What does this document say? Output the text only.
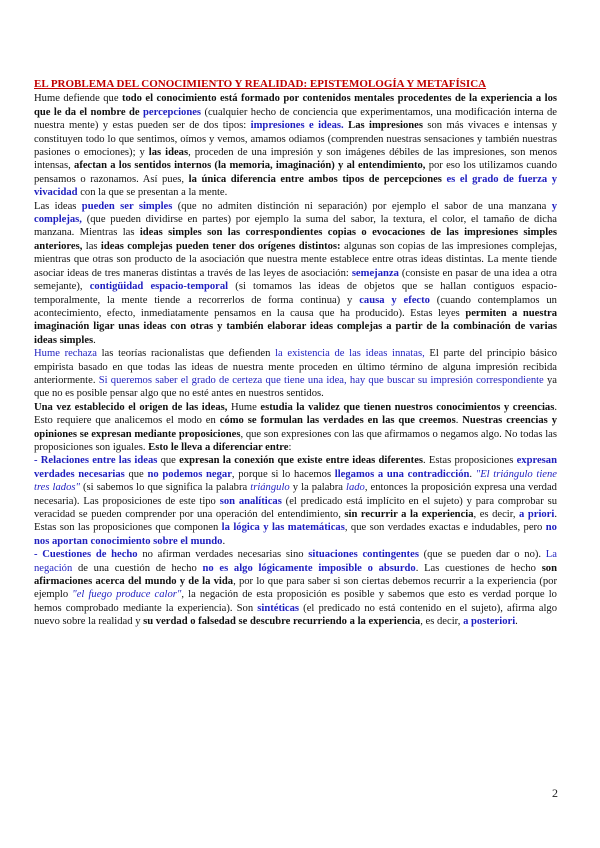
EL PROBLEMA DEL CONOCIMIENTO Y REALIDAD: EPISTEMOLOGÍA Y METAFÍSICA

Hume defiende que todo el conocimiento está formado por contenidos mentales procedentes de la experiencia a los que le da el nombre de percepciones (cualquier hecho de conciencia que experimentamos, una modificación interna de nuestra mente) y estas pueden ser de dos tipos: impresiones e ideas. Las impresiones son más vivaces e intensas y constituyen todo lo que sentimos, oímos y vemos, amamos odiamos (comprenden nuestras sensaciones y también nuestras pasiones o emociones); y las ideas, proceden de una impresión y son imágenes débiles de las impresiones, son menos intensas, afectan a los sentidos internos (la memoria, imaginación) y al entendimiento, por eso los utilizamos cuando pensamos o razonamos. Así pues, la única diferencia entre ambos tipos de percepciones es el grado de fuerza y vivacidad con la que se presentan a la mente.

Las ideas pueden ser simples (que no admiten distinción ni separación) por ejemplo el sabor de una manzana y complejas, (que pueden dividirse en partes) por ejemplo la suma del sabor, la textura, el color, el tamaño de dicha manzana. Mientras las ideas simples son las correspondientes copias o evocaciones de las impresiones simples anteriores, las ideas complejas pueden tener dos orígenes distintos: algunas son copias de las impresiones complejas, mientras que otras son producto de la asociación que nuestra mente establece entre otras ideas distintas. La mente tiende asociar ideas de tres maneras distintas a través de las leyes de asociación: semejanza (consiste en pasar de una idea a otra semejante), contigüidad espacio-temporal (si tomamos las ideas de objetos que se hallan contiguos espacio-temporalmente, la mente tiende a recorrerlos de forma continua) y causa y efecto (cuando contemplamos un acontecimiento, efecto, inmediatamente pensamos en la causa que ha producido). Estas leyes permiten a nuestra imaginación ligar unas ideas con otras y también elaborar ideas complejas a partir de la combinación de varias ideas simples.

Hume rechaza las teorías racionalistas que defienden la existencia de las ideas innatas, El parte del principio básico empirista basado en que todas las ideas de nuestra mente proceden en último término de alguna impresión recibida anteriormente. Si queremos saber el grado de certeza que tiene una idea, hay que buscar su impresión correspondiente ya que no es posible pensar algo que no esté antes en nuestros sentidos.

Una vez establecido el origen de las ideas, Hume estudia la validez que tienen nuestros conocimientos y creencias. Esto requiere que analicemos el modo en cómo se formulan las verdades en las que creemos. Nuestras creencias y opiniones se expresan mediante proposiciones, que son expresiones con las que afirmamos o negamos algo. No todas las proposiciones son iguales. Esto le lleva a diferenciar entre:

- Relaciones entre las ideas que expresan la conexión que existe entre ideas diferentes. Estas proposiciones expresan verdades necesarias que no podemos negar, porque si lo hacemos llegamos a una contradicción. "El triángulo tiene tres lados" (si sabemos lo que significa la palabra triángulo y la palabra lado, entonces la proposición expresa una verdad necesaria). Las proposiciones de este tipo son analíticas (el predicado está implícito en el sujeto) y para comprobar su veracidad se pueden comprender por una operación del entendimiento, sin recurrir a la experiencia, es decir, a priori. Estas son las proposiciones que componen la lógica y las matemáticas, que son verdades exactas e indudables, pero no nos aportan conocimiento sobre el mundo.

- Cuestiones de hecho no afirman verdades necesarias sino situaciones contingentes (que se pueden dar o no). La negación de una cuestión de hecho no es algo lógicamente imposible o absurdo. Las cuestiones de hecho son afirmaciones acerca del mundo y de la vida, por lo que para saber si son ciertas debemos recurrir a la experiencia (por ejemplo "el fuego produce calor", la negación de esta proposición es posible y sabemos que esto es verdad porque lo hemos comprobado mediante la experiencia). Son sintéticas (el predicado no está contenido en el sujeto), afirma algo nuevo sobre la realidad y su verdad o falsedad se descubre recurriendo a la experiencia, es decir, a posteriori.

2
